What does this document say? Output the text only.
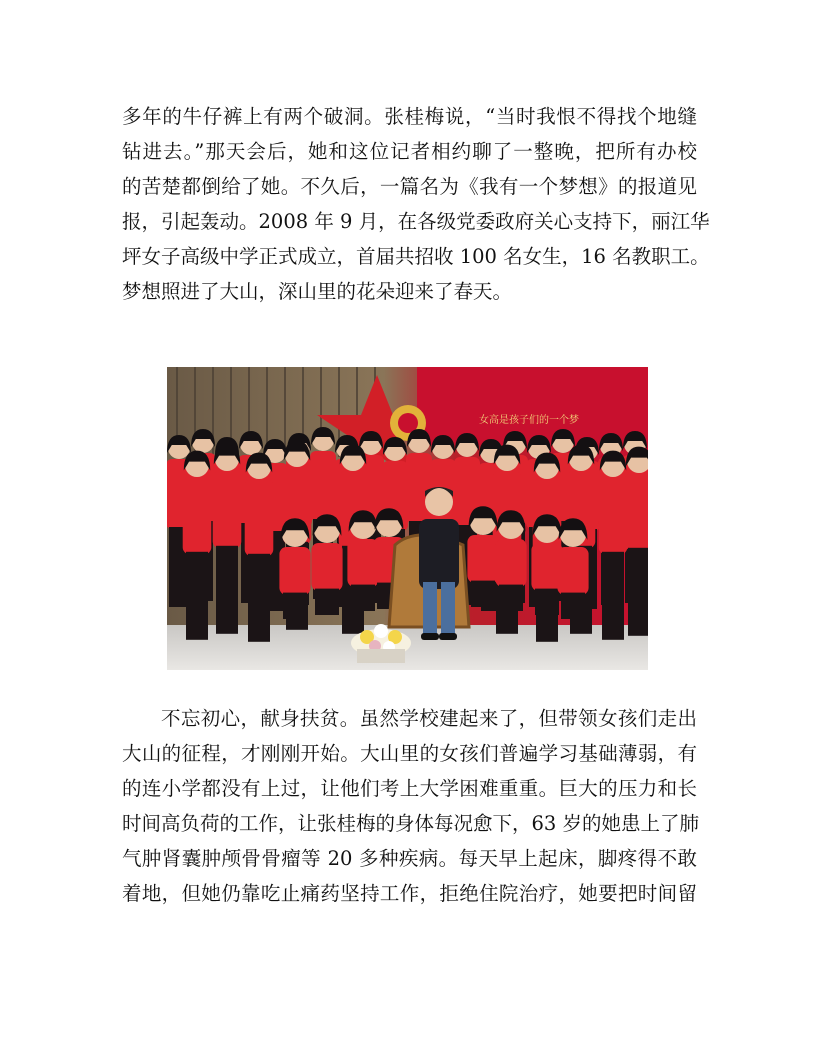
多年的牛仔裤上有两个破洞。张桂梅说，“当时我恨不得找个地缝
钻进去。”那天会后，她和这位记者相约聊了一整晚，把所有办校
的苦楚都倒给了她。不久后，一篇名为《我有一个梦想》的报道见
报，引起轰动。2008 年 9 月，在各级党委政府关心支持下，丽江华
坪女子高级中学正式成立，首届共招收 100 名女生，16 名教职工。
梦想照进了大山，深山里的花朵迎来了春天。
女高是孩子们的一个梦
不忘初心，献身扶贫。虽然学校建起来了，但带领女孩们走出
大山的征程，才刚刚开始。大山里的女孩们普遍学习基础薄弱，有
的连小学都没有上过，让他们考上大学困难重重。巨大的压力和长
时间高负荷的工作，让张桂梅的身体每况愈下，63 岁的她患上了肺
气肿肾囊肿颅骨骨瘤等 20 多种疾病。每天早上起床，脚疼得不敢
着地，但她仍靠吃止痛药坚持工作，拒绝住院治疗，她要把时间留
